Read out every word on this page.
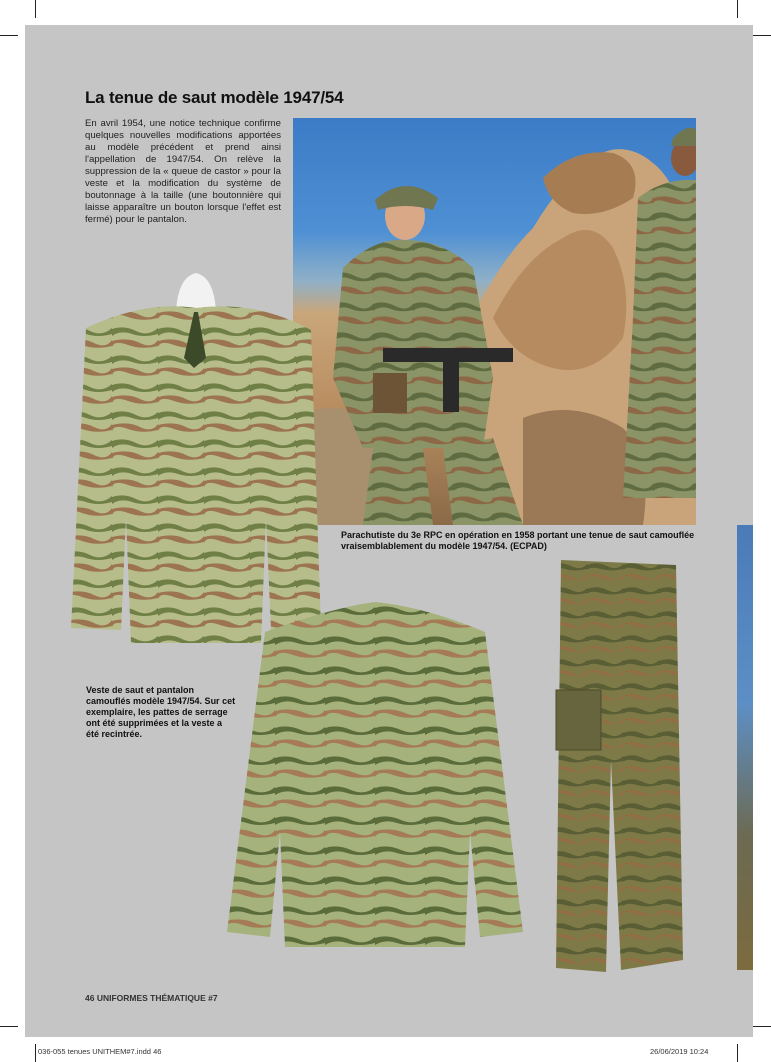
La tenue de saut modèle 1947/54
En avril 1954, une notice technique confirme quelques nouvelles modifications apportées au modèle précédent et prend ainsi l'appellation de 1947/54. On relève la suppression de la « queue de castor » pour la veste et la modification du système de boutonnage à la taille (une boutonnière qui laisse apparaître un bouton lorsque l'effet est fermé) pour le pantalon.
Parachutiste du 3e RPC en opération en 1958 portant une tenue de saut camouflée vraisemblablement du modèle 1947/54. (ECPAD)
Veste de saut et pantalon camouflés modèle 1947/54. Sur cet exemplaire, les pattes de serrage ont été supprimées et la veste a été recintrée.
46 UNIFORMES THÉMATIQUE #7
036-055 tenues UNITHEM#7.indd 46	26/06/2019 10:24
